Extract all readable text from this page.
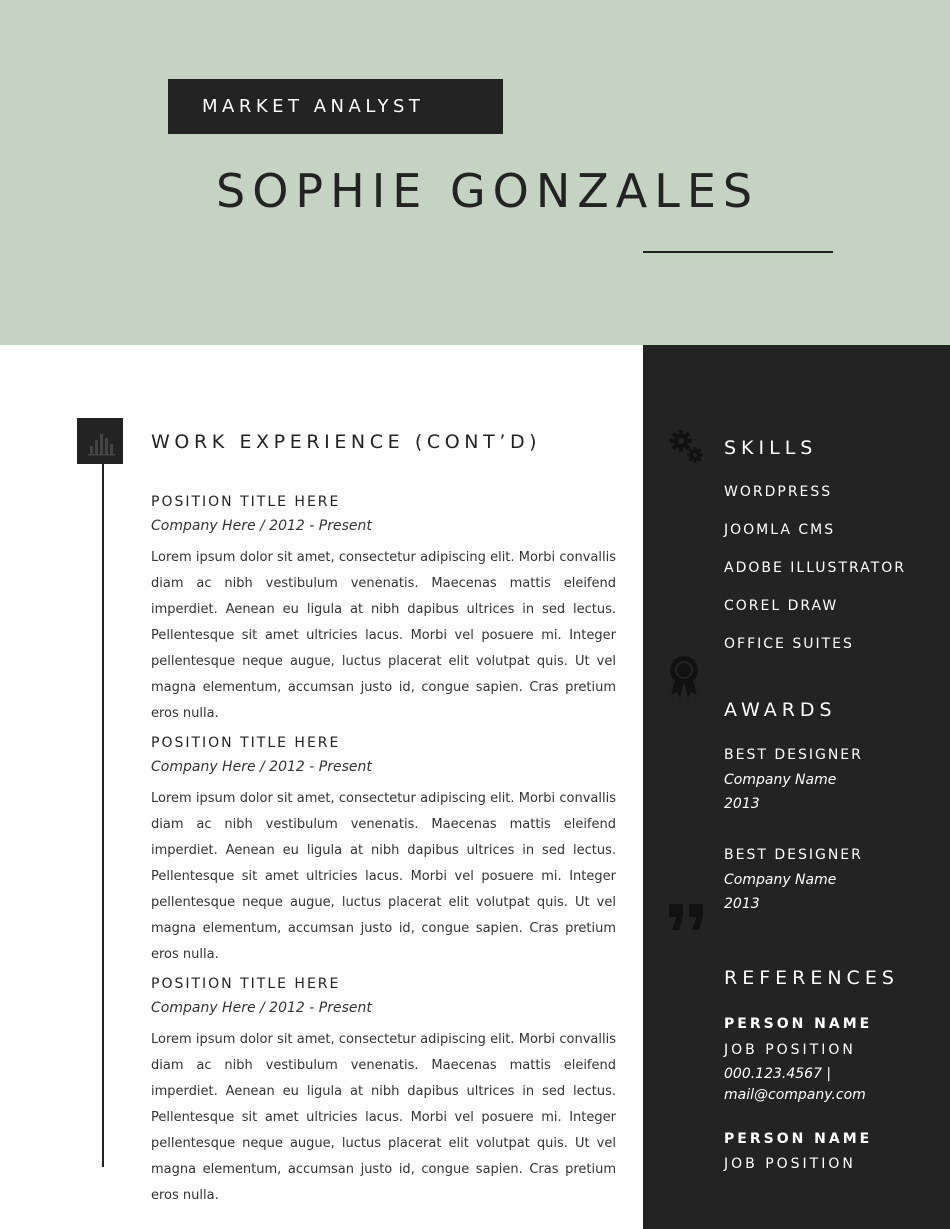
MARKET ANALYST
SOPHIE GONZALES
WORK EXPERIENCE (CONT’D)
POSITION TITLE HERE
Company Here / 2012 - Present
Lorem ipsum dolor sit amet, consectetur adipiscing elit. Morbi convallis diam ac nibh vestibulum venenatis. Maecenas mattis eleifend imperdiet. Aenean eu ligula at nibh dapibus ultrices in sed lectus. Pellentesque sit amet ultricies lacus. Morbi vel posuere mi. Integer pellentesque neque augue, luctus placerat elit volutpat quis. Ut vel magna elementum, accumsan justo id, congue sapien. Cras pretium eros nulla.
POSITION TITLE HERE
Company Here / 2012 - Present
Lorem ipsum dolor sit amet, consectetur adipiscing elit. Morbi convallis diam ac nibh vestibulum venenatis. Maecenas mattis eleifend imperdiet. Aenean eu ligula at nibh dapibus ultrices in sed lectus. Pellentesque sit amet ultricies lacus. Morbi vel posuere mi. Integer pellentesque neque augue, luctus placerat elit volutpat quis. Ut vel magna elementum, accumsan justo id, congue sapien. Cras pretium eros nulla.
POSITION TITLE HERE
Company Here / 2012 - Present
Lorem ipsum dolor sit amet, consectetur adipiscing elit. Morbi convallis diam ac nibh vestibulum venenatis. Maecenas mattis eleifend imperdiet. Aenean eu ligula at nibh dapibus ultrices in sed lectus. Pellentesque sit amet ultricies lacus. Morbi vel posuere mi. Integer pellentesque neque augue, luctus placerat elit volutpat quis. Ut vel magna elementum, accumsan justo id, congue sapien. Cras pretium eros nulla.
SKILLS
WORDPRESS
JOOMLA CMS
ADOBE ILLUSTRATOR
COREL DRAW
OFFICE SUITES
AWARDS
BEST DESIGNER
Company Name
2013
BEST DESIGNER
Company Name
2013
REFERENCES
PERSON NAME
JOB POSITION
000.123.4567 |
mail@company.com
PERSON NAME
JOB POSITION
